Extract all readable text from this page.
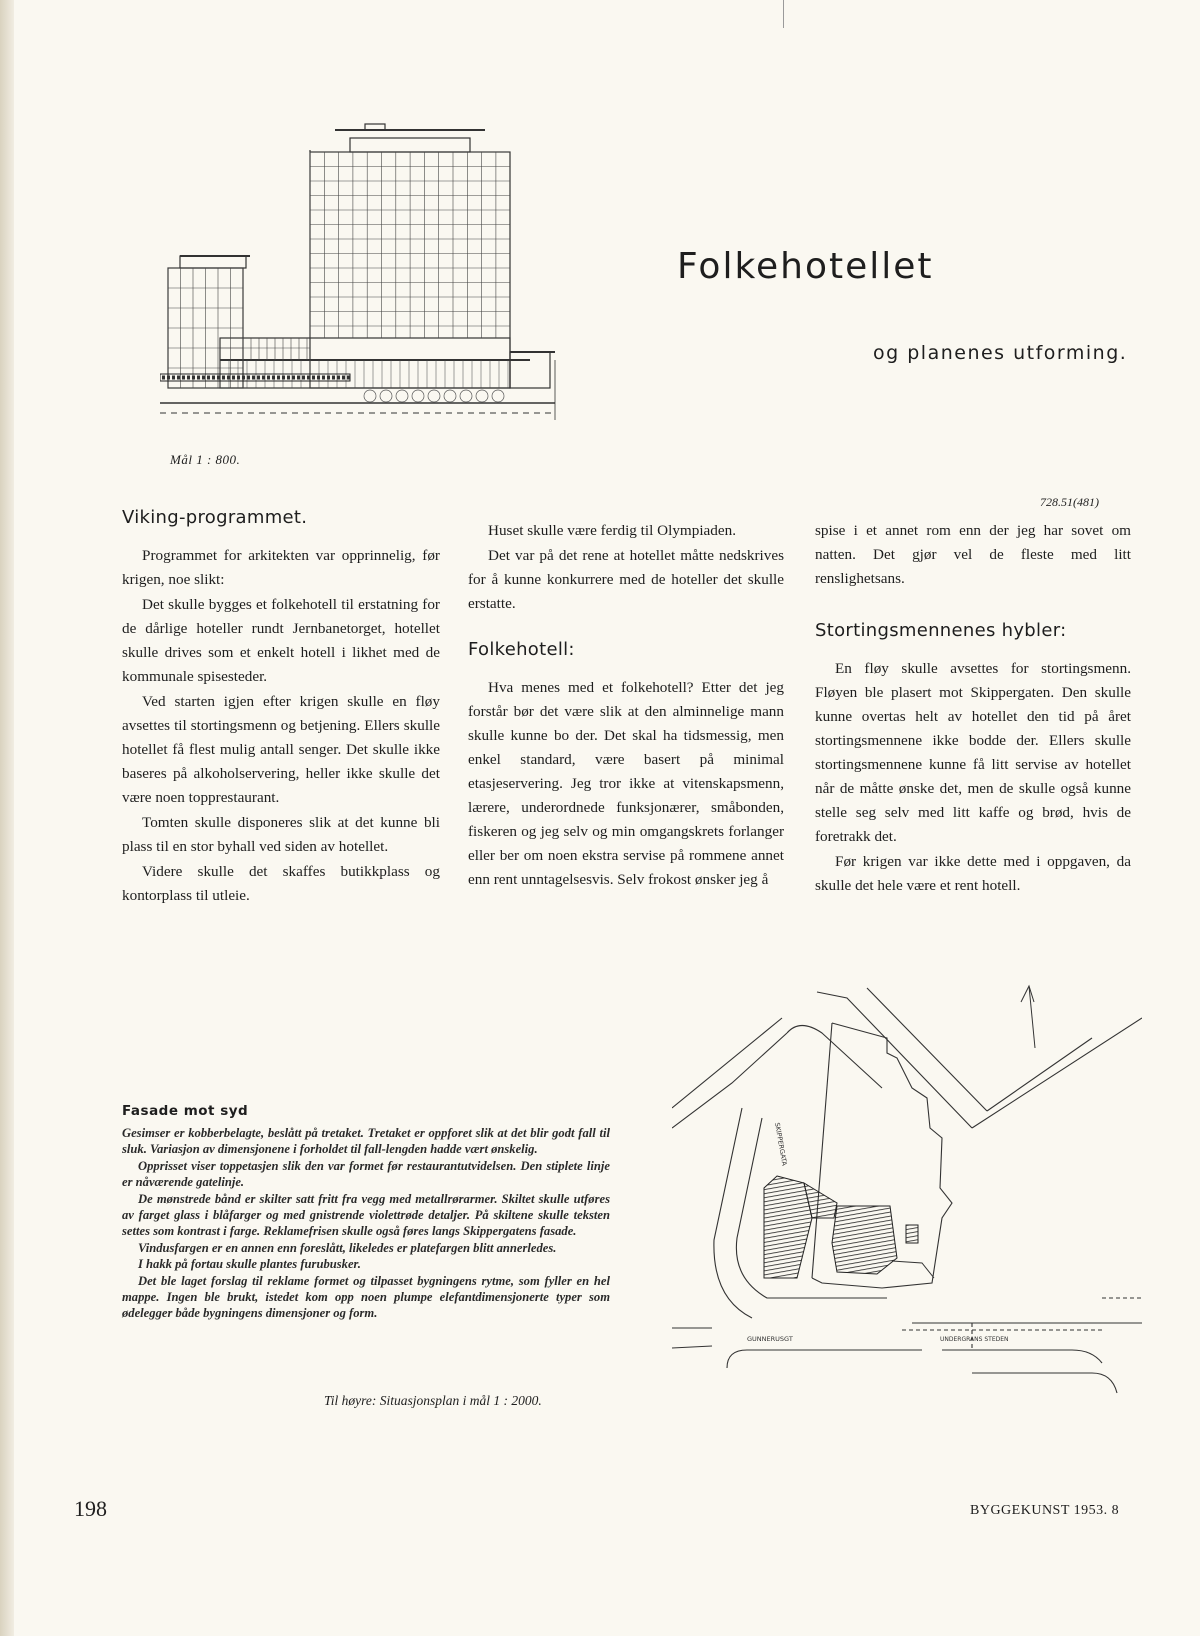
Mål 1 : 800.
Folkehotellet
og planenes utforming.
728.51(481)
Viking-programmet.

Programmet for arkitekten var opprinnelig, før krigen, noe slikt:

Det skulle bygges et folkehotell til erstatning for de dårlige hoteller rundt Jernbanetorget, hotellet skulle drives som et enkelt hotell i likhet med de kommunale spisesteder.

Ved starten igjen efter krigen skulle en fløy avsettes til stortingsmenn og betjening. Ellers skulle hotellet få flest mulig antall senger. Det skulle ikke baseres på alkoholservering, heller ikke skulle det være noen topprestaurant.

Tomten skulle disponeres slik at det kunne bli plass til en stor byhall ved siden av hotellet.

Videre skulle det skaffes butikkplass og kontorplass til utleie.

Huset skulle være ferdig til Olympiaden.

Det var på det rene at hotellet måtte nedskrives for å kunne konkurrere med de hoteller det skulle erstatte.

Folkehotell:

Hva menes med et folkehotell? Etter det jeg forstår bør det være slik at den alminnelige mann skulle kunne bo der. Det skal ha tidsmessig, men enkel standard, være basert på minimal etasjeservering. Jeg tror ikke at vitenskapsmenn, lærere, underordnede funksjonærer, småbonden, fiskeren og jeg selv og min omgangskrets forlanger eller ber om noen ekstra servise på rommene annet enn rent unntagelsesvis. Selv frokost ønsker jeg å

spise i et annet rom enn der jeg har sovet om natten. Det gjør vel de fleste med litt renslighetsans.

Stortingsmennenes hybler:

En fløy skulle avsettes for stortingsmenn. Fløyen ble plasert mot Skippergaten. Den skulle kunne overtas helt av hotellet den tid på året stortingsmennene ikke bodde der. Ellers skulle stortingsmennene kunne få litt servise av hotellet når de måtte ønske det, men de skulle også kunne stelle seg selv med litt kaffe og brød, hvis de foretrakk det.

Før krigen var ikke dette med i oppgaven, da skulle det hele være et rent hotell.

Fasade mot syd

Gesimser er kobberbelagte, beslått på tretaket. Tretaket er oppforet slik at det blir godt fall til sluk. Variasjon av dimensjonene i forholdet til fall-lengden hadde vært ønskelig.

Opprisset viser toppetasjen slik den var formet før restaurantutvidelsen. Den stiplete linje er nåværende gatelinje.

De mønstrede bånd er skilter satt fritt fra vegg med metallrørarmer. Skiltet skulle utføres av farget glass i blåfarger og med gnistrende violettrøde detaljer. På skiltene skulle teksten settes som kontrast i farge. Reklamefrisen skulle også føres langs Skippergatens fasade.

Vindusfargen er en annen enn foreslått, likeledes er platefargen blitt annerledes.

I hakk på fortau skulle plantes furubusker.

Det ble laget forslag til reklame formet og tilpasset bygningens rytme, som fyller en hel mappe. Ingen ble brukt, istedet kom opp noen plumpe elefantdimensjonerte typer som ødelegger både bygningens dimensjoner og form.

Til høyre: Situasjonsplan i mål 1 : 2000.
SKIPPERGATA
GUNNERUSGT	UNDERGRANS STEDEN
198	BYGGEKUNST 1953. 8
